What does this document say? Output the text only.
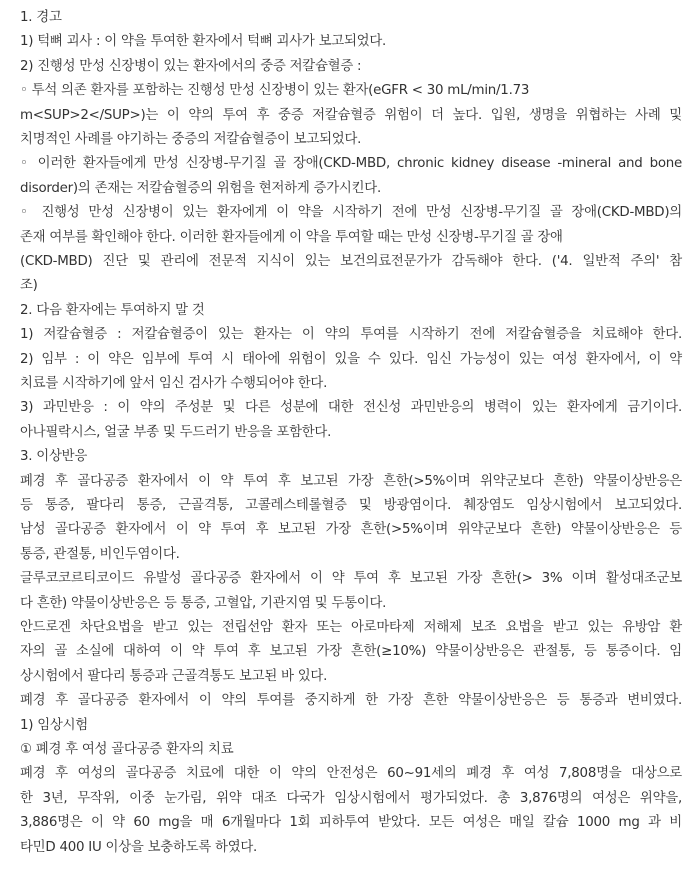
1. 경고
1) 턱뼈 괴사 : 이 약을 투여한 환자에서 턱뼈 괴사가 보고되었다.
2) 진행성 만성 신장병이 있는 환자에서의 중증 저칼슘혈증 :
◦ 투석 의존 환자를 포함하는 진행성 만성 신장병이 있는 환자(eGFR < 30 mL/min/1.73
m<SUP>2</SUP>)는 이 약의 투여 후 중증 저칼슘혈증 위험이 더 높다. 입원, 생명을 위협하는 사례 및
치명적인 사례를 야기하는 중증의 저칼슘혈증이 보고되었다.
◦ 이러한 환자들에게 만성 신장병-무기질 골 장애(CKD-MBD, chronic kidney disease -mineral and bone
disorder)의 존재는 저칼슘혈증의 위험을 현저하게 증가시킨다.
◦ 진행성 만성 신장병이 있는 환자에게 이 약을 시작하기 전에 만성 신장병-무기질 골 장애(CKD-MBD)의
존재 여부를 확인해야 한다. 이러한 환자들에게 이 약을 투여할 때는 만성 신장병-무기질 골 장애
(CKD-MBD) 진단 및 관리에 전문적 지식이 있는 보건의료전문가가 감독해야 한다. ('4. 일반적 주의' 참
조)
2. 다음 환자에는 투여하지 말 것
1) 저칼슘혈증 : 저칼슘혈증이 있는 환자는 이 약의 투여를 시작하기 전에 저칼슘혈증을 치료해야 한다.
2) 임부 : 이 약은 임부에 투여 시 태아에 위험이 있을 수 있다. 임신 가능성이 있는 여성 환자에서, 이 약
치료를 시작하기에 앞서 임신 검사가 수행되어야 한다.
3) 과민반응 : 이 약의 주성분 및 다른 성분에 대한 전신성 과민반응의 병력이 있는 환자에게 금기이다.
아나필락시스, 얼굴 부종 및 두드러기 반응을 포함한다.
3. 이상반응
폐경 후 골다공증 환자에서 이 약 투여 후 보고된 가장 흔한(>5%이며 위약군보다 흔한) 약물이상반응은
등 통증, 팔다리 통증, 근골격통, 고콜레스테롤혈증 및 방광염이다. 췌장염도 임상시험에서 보고되었다.
남성 골다공증 환자에서 이 약 투여 후 보고된 가장 흔한(>5%이며 위약군보다 흔한) 약물이상반응은 등
통증, 관절통, 비인두염이다.
글루코코르티코이드 유발성 골다공증 환자에서 이 약 투여 후 보고된 가장 흔한(> 3% 이며 활성대조군보
다 흔한) 약물이상반응은 등 통증, 고혈압, 기관지염 및 두통이다.
안드로겐 차단요법을 받고 있는 전립선암 환자 또는 아로마타제 저해제 보조 요법을 받고 있는 유방암 환
자의 골 소실에 대하여 이 약 투여 후 보고된 가장 흔한(≥10%) 약물이상반응은 관절통, 등 통증이다. 임
상시험에서 팔다리 통증과 근골격통도 보고된 바 있다.
폐경 후 골다공증 환자에서 이 약의 투여를 중지하게 한 가장 흔한 약물이상반응은 등 통증과 변비였다.
1) 임상시험
① 폐경 후 여성 골다공증 환자의 치료
폐경 후 여성의 골다공증 치료에 대한 이 약의 안전성은 60~91세의 폐경 후 여성 7,808명을 대상으로
한 3년, 무작위, 이중 눈가림, 위약 대조 다국가 임상시험에서 평가되었다. 총 3,876명의 여성은 위약을,
3,886명은 이 약 60 mg을 매 6개월마다 1회 피하투여 받았다. 모든 여성은 매일 칼슘 1000 mg 과 비
타민D 400 IU 이상을 보충하도록 하였다.
